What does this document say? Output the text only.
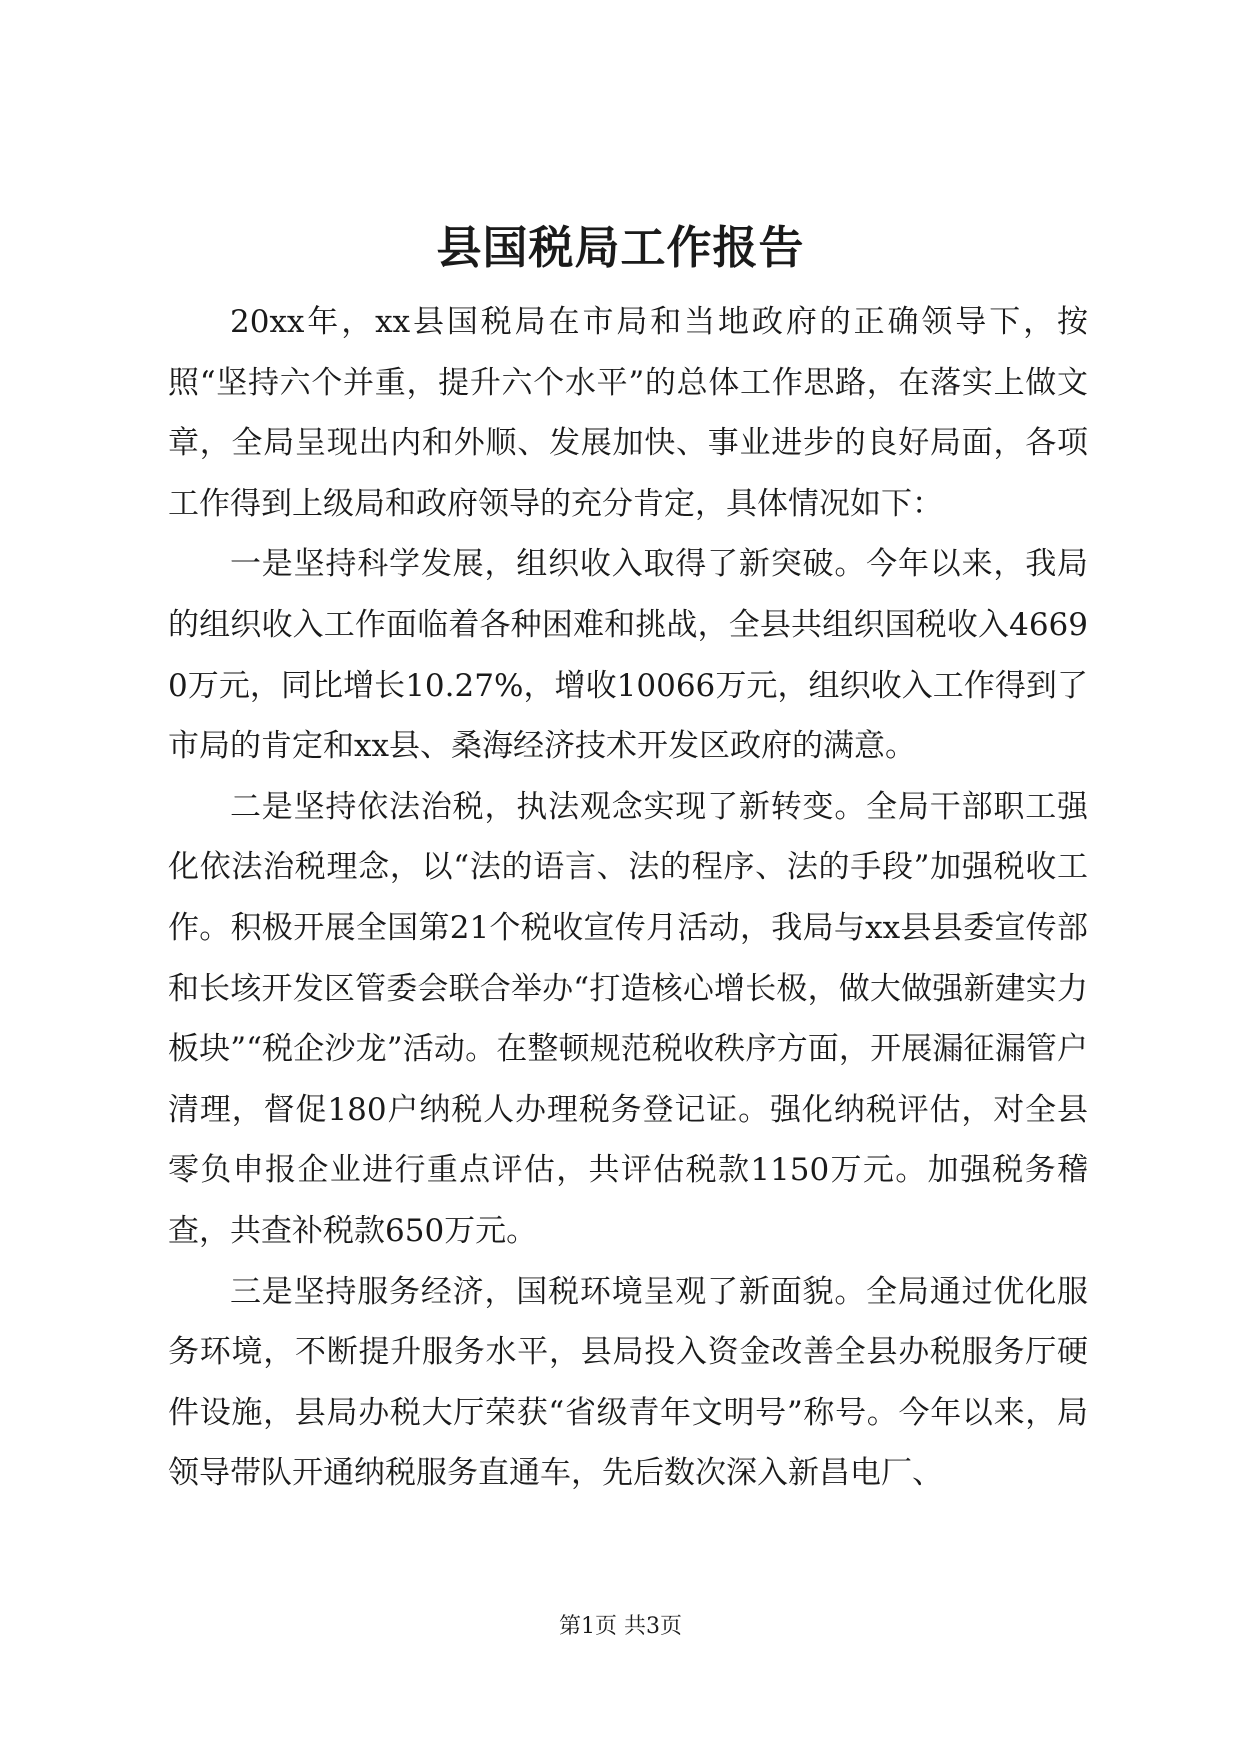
县国税局工作报告

20xx年，xx县国税局在市局和当地政府的正确领导下，按照“坚持六个并重，提升六个水平”的总体工作思路，在落实上做文章，全局呈现出内和外顺、发展加快、事业进步的良好局面，各项工作得到上级局和政府领导的充分肯定，具体情况如下：

一是坚持科学发展，组织收入取得了新突破。今年以来，我局的组织收入工作面临着各种困难和挑战，全县共组织国税收入46690万元，同比增长10.27%，增收10066万元，组织收入工作得到了市局的肯定和xx县、桑海经济技术开发区政府的满意。

二是坚持依法治税，执法观念实现了新转变。全局干部职工强化依法治税理念，以“法的语言、法的程序、法的手段”加强税收工作。积极开展全国第21个税收宣传月活动，我局与xx县县委宣传部和长垓开发区管委会联合举办“打造核心增长极，做大做强新建实力板块”“税企沙龙”活动。在整顿规范税收秩序方面，开展漏征漏管户清理，督促180户纳税人办理税务登记证。强化纳税评估，对全县零负申报企业进行重点评估，共评估税款1150万元。加强税务稽查，共查补税款650万元。

三是坚持服务经济，国税环境呈观了新面貌。全局通过优化服务环境，不断提升服务水平，县局投入资金改善全县办税服务厅硬件设施，县局办税大厅荣获“省级青年文明号”称号。今年以来，局领导带队开通纳税服务直通车，先后数次深入新昌电厂、

第1页 共3页
